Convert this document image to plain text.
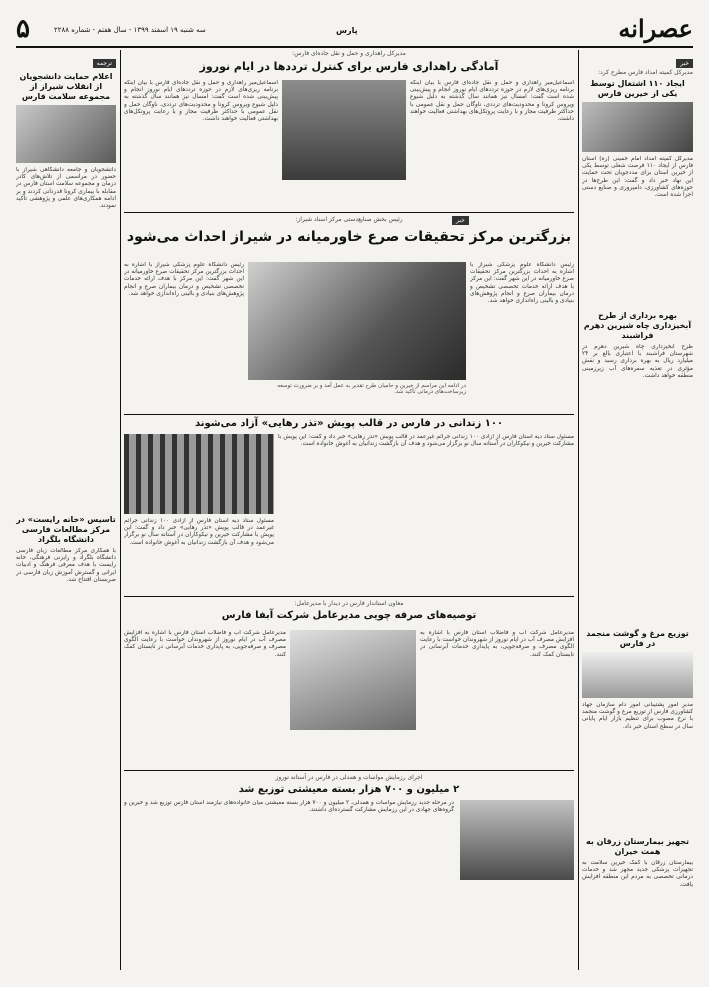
۵	سه شنبه ۱۹ اسفند ۱۳۹۹ - سال هفتم - شماره ۲۲۸۸	پارس	عصرانه
ترجمه
اعلام حمایت دانشجویان از انقلاب شیراز از مجموعه سلامت فارس
دانشجویان و جامعه دانشگاهی شیراز با حضور در مراسمی از تلاش‌های کادر درمان و مجموعه سلامت استان فارس در مقابله با بیماری کرونا قدردانی کردند و بر ادامه همکاری‌های علمی و پژوهشی تأکید نمودند.
تاسیس «خانه رایست» در مرکز مطالعات فارسی دانشگاه بلگراد
با همکاری مرکز مطالعات زبان فارسی دانشگاه بلگراد و رایزنی فرهنگی، خانه رایست با هدف معرفی فرهنگ و ادبیات ایرانی و گسترش آموزش زبان فارسی در صربستان افتتاح شد.
مدیرکل راهداری و حمل و نقل جاده‌ای فارس:
آمادگی راهداری فارس برای کنترل ترددها در ایام نوروز
اسماعیل‌میر راهداری و حمل و نقل جاده‌ای فارس با بیان اینکه برنامه ریزی‌های لازم در حوزه ترددهای ایام نوروز انجام و پیش‌بینی شده است گفت: امسال نیز همانند سال گذشته به دلیل شیوع ویروس کرونا و محدودیت‌های ترددی، ناوگان حمل و نقل عمومی با حداکثر ظرفیت مجاز و با رعایت پروتکل‌های بهداشتی فعالیت خواهند داشت.
اسماعیل‌میر راهداری و حمل و نقل جاده‌ای فارس با بیان اینکه برنامه ریزی‌های لازم در حوزه ترددهای ایام نوروز انجام و پیش‌بینی شده است گفت: امسال نیز همانند سال گذشته به دلیل شیوع ویروس کرونا و محدودیت‌های ترددی، ناوگان حمل و نقل عمومی با حداکثر ظرفیت مجاز و با رعایت پروتکل‌های بهداشتی فعالیت خواهند داشت.
رئیس بخش صنایع‌دستی مرکز اسناد شیراز:
بزرگترین مرکز تحقیقات صرع خاورمیانه در شیراز احداث می‌شود
خبر
در ادامه این مراسم از خیرین و حامیان طرح تقدیر به عمل آمد و بر ضرورت توسعه زیرساخت‌های درمانی تأکید شد.
رئیس دانشگاه علوم پزشکی شیراز با اشاره به احداث بزرگترین مرکز تحقیقات صرع خاورمیانه در این شهر گفت: این مرکز با هدف ارائه خدمات تخصصی تشخیص و درمان بیماران صرع و انجام پژوهش‌های بنیادی و بالینی راه‌اندازی خواهد شد.
رئیس دانشگاه علوم پزشکی شیراز با اشاره به احداث بزرگترین مرکز تحقیقات صرع خاورمیانه در این شهر گفت: این مرکز با هدف ارائه خدمات تخصصی تشخیص و درمان بیماران صرع و انجام پژوهش‌های بنیادی و بالینی راه‌اندازی خواهد شد.
۱۰۰ زندانی در فارس در قالب پویش «تذر رهایی» آزاد می‌شوند
مسئول ستاد دیه استان فارس از آزادی ۱۰۰ زندانی جرائم غیرعمد در قالب پویش «تذر رهایی» خبر داد و گفت: این پویش با مشارکت خیرین و نیکوکاران در آستانه سال نو برگزار می‌شود و هدف آن بازگشت زندانیان به آغوش خانواده است.
مسئول ستاد دیه استان فارس از آزادی ۱۰۰ زندانی جرائم غیرعمد در قالب پویش «تذر رهایی» خبر داد و گفت: این پویش با مشارکت خیرین و نیکوکاران در آستانه سال نو برگزار می‌شود و هدف آن بازگشت زندانیان به آغوش خانواده است.
معاون استاندار فارس در دیدار با مدیرعامل:
توصیه‌های صرفه چویی مدیرعامل شرکت آبفا فارس
مدیرعامل شرکت آب و فاضلاب استان فارس با اشاره به افزایش مصرف آب در ایام نوروز از شهروندان خواست با رعایت الگوی مصرف و صرفه‌جویی، به پایداری خدمات آبرسانی در تابستان کمک کنند.
مدیرعامل شرکت آب و فاضلاب استان فارس با اشاره به افزایش مصرف آب در ایام نوروز از شهروندان خواست با رعایت الگوی مصرف و صرفه‌جویی، به پایداری خدمات آبرسانی در تابستان کمک کنند.
اجرای رزمایش مواسات و همدلی در فارس در آستانه نوروز
۲ میلیون و ۷۰۰ هزار بسته معیشتی توزیع شد
در مرحله جدید رزمایش مواسات و همدلی، ۲ میلیون و ۷۰۰ هزار بسته معیشتی میان خانواده‌های نیازمند استان فارس توزیع شد و خیرین و گروه‌های جهادی در این رزمایش مشارکت گسترده‌ای داشتند.
خبر
مدیرکل کمیته امداد فارس مطرح کرد:
ایجاد ۱۱۰ اشتغال توسط یکی از خیرین فارس
مدیرکل کمیته امداد امام خمینی (ره) استان فارس از ایجاد ۱۱۰ فرصت شغلی توسط یکی از خیرین استان برای مددجویان تحت حمایت این نهاد خبر داد و گفت: این طرح‌ها در حوزه‌های کشاورزی، دامپروری و صنایع دستی اجرا شده است.
بهره برداری از طرح آبخیزداری چاه شیرین دهرم فراشبند
طرح آبخیزداری چاه شیرین دهرم در شهرستان فراشبند با اعتباری بالغ بر ۲۴ میلیارد ریال به بهره برداری رسید و نقش مؤثری در تغذیه سفره‌های آب زیرزمینی منطقه خواهد داشت.
توزیع مرغ و گوشت منجمد در فارس
مدیر امور پشتیبانی امور دام سازمان جهاد کشاورزی فارس از توزیع مرغ و گوشت منجمد با نرخ مصوب برای تنظیم بازار ایام پایانی سال در سطح استان خبر داد.
تجهیز بیمارستان زرقان به همت خیران
بیمارستان زرقان با کمک خیرین سلامت به تجهیزات پزشکی جدید مجهز شد و خدمات درمانی تخصصی به مردم این منطقه افزایش یافت.
